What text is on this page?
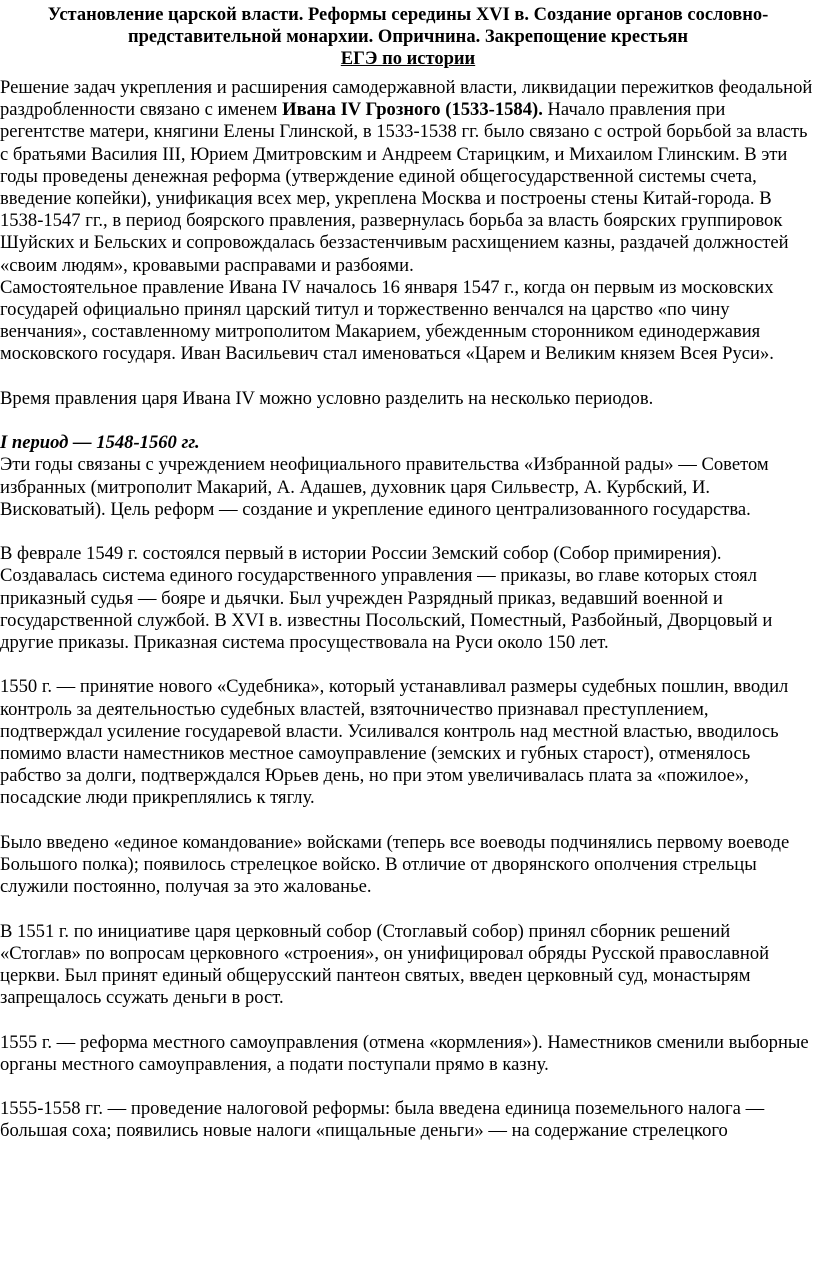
Установление царской власти. Реформы середины XVI в. Создание органов сословно-
представительной монархии. Опричнина. Закрепощение крестьян
ЕГЭ по истории

Решение задач укрепления и расширения самодержавной власти, ликвидации пережитков феодальной раздробленности связано с именем Ивана IV Грозного (1533-1584). Начало правления при регентстве матери, княгини Елены Глинской, в 1533-1538 гг. было связано с острой борьбой за власть с братьями Василия III, Юрием Дмитровским и Андреем Старицким, и Михаилом Глинским. В эти годы проведены денежная реформа (утверждение единой общегосударственной системы счета, введение копейки), унификация всех мер, укреплена Москва и построены стены Китай-города. В 1538-1547 гг., в период боярского правления, развернулась борьба за власть боярских группировок Шуйских и Бельских и сопровождалась беззастенчивым расхищением казны, раздачей должностей «своим людям», кровавыми расправами и разбоями.

Самостоятельное правление Ивана IV началось 16 января 1547 г., когда он первым из московских государей официально принял царский титул и торжественно венчался на царство «по чину венчания», составленному митрополитом Макарием, убежденным сторонником единодержавия московского государя. Иван Васильевич стал именоваться «Царем и Великим князем Всея Руси».

Время правления царя Ивана IV можно условно разделить на несколько периодов.

I период — 1548-1560 гг.

Эти годы связаны с учреждением неофициального правительства «Избранной рады» — Советом избранных (митрополит Макарий, А. Адашев, духовник царя Сильвестр, А. Курбский, И. Висковатый). Цель реформ — создание и укрепление единого централизованного государства.

В феврале 1549 г. состоялся первый в истории России Земский собор (Собор примирения). Создавалась система единого государственного управления — приказы, во главе которых стоял приказный судья — бояре и дьячки. Был учрежден Разрядный приказ, ведавший военной и государственной службой. В XVI в. известны Посольский, Поместный, Разбойный, Дворцовый и другие приказы. Приказная система просуществовала на Руси около 150 лет.

1550 г. — принятие нового «Судебника», который устанавливал размеры судебных пошлин, вводил контроль за деятельностью судебных властей, взяточничество признавал преступлением, подтверждал усиление государевой власти. Усиливался контроль над местной властью, вводилось помимо власти наместников местное самоуправление (земских и губных старост), отменялось рабство за долги, подтверждался Юрьев день, но при этом увеличивалась плата за «пожилое», посадские люди прикреплялись к тяглу.

Было введено «единое командование» войсками (теперь все воеводы подчинялись первому воеводе Большого полка); появилось стрелецкое войско. В отличие от дворянского ополчения стрельцы служили постоянно, получая за это жалованье.

В 1551 г. по инициативе царя церковный собор (Стоглавый собор) принял сборник решений «Стоглав» по вопросам церковного «строения», он унифицировал обряды Русской православной церкви. Был принят единый общерусский пантеон святых, введен церковный суд, монастырям запрещалось ссужать деньги в рост.

1555 г. — реформа местного самоуправления (отмена «кормления»). Наместников сменили выборные органы местного самоуправления, а подати поступали прямо в казну.

1555-1558 гг. — проведение налоговой реформы: была введена единица поземельного налога — большая соха; появились новые налоги «пищальные деньги» — на содержание стрелецкого
